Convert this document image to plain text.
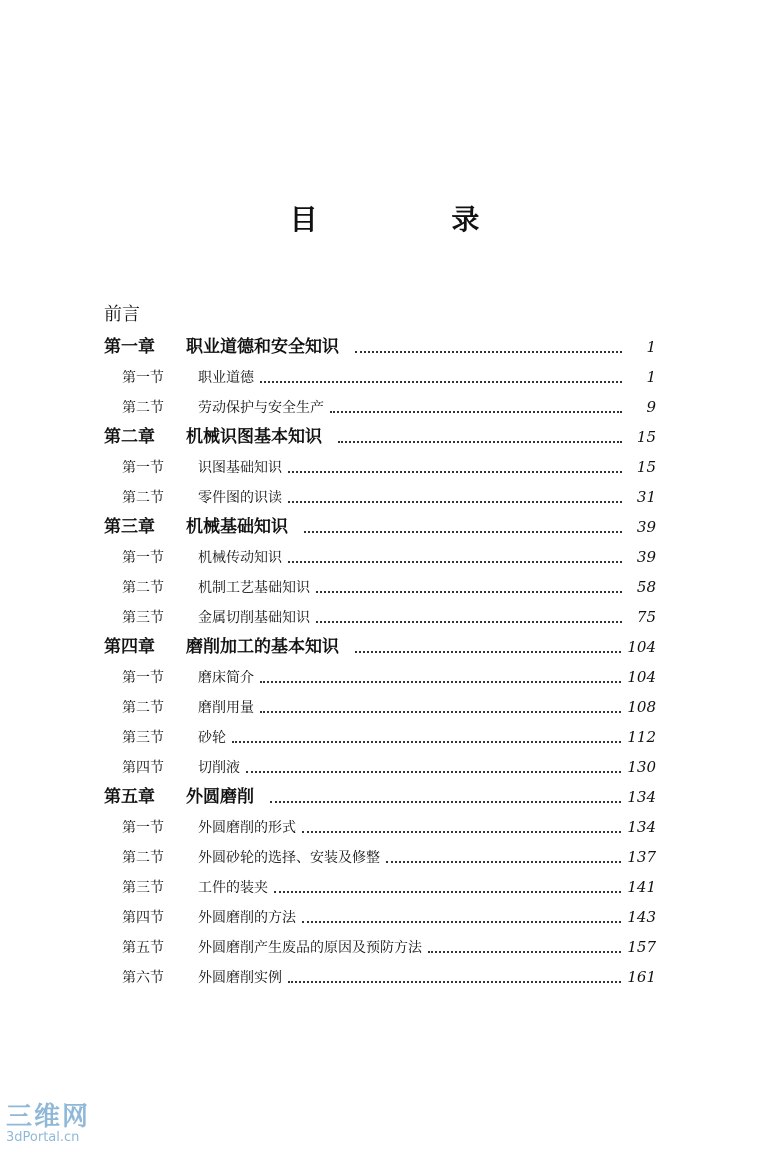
目 录
前言
第一章	职业道德和安全知识	1
第一节	职业道德	1
第二节	劳动保护与安全生产	9
第二章	机械识图基本知识	15
第一节	识图基础知识	15
第二节	零件图的识读	31
第三章	机械基础知识	39
第一节	机械传动知识	39
第二节	机制工艺基础知识	58
第三节	金属切削基础知识	75
第四章	磨削加工的基本知识	104
第一节	磨床简介	104
第二节	磨削用量	108
第三节	砂轮	112
第四节	切削液	130
第五章	外圆磨削	134
第一节	外圆磨削的形式	134
第二节	外圆砂轮的选择、安装及修整	137
第三节	工件的装夹	141
第四节	外圆磨削的方法	143
第五节	外圆磨削产生废品的原因及预防方法	157
第六节	外圆磨削实例	161
三维网
3dPortal.cn
